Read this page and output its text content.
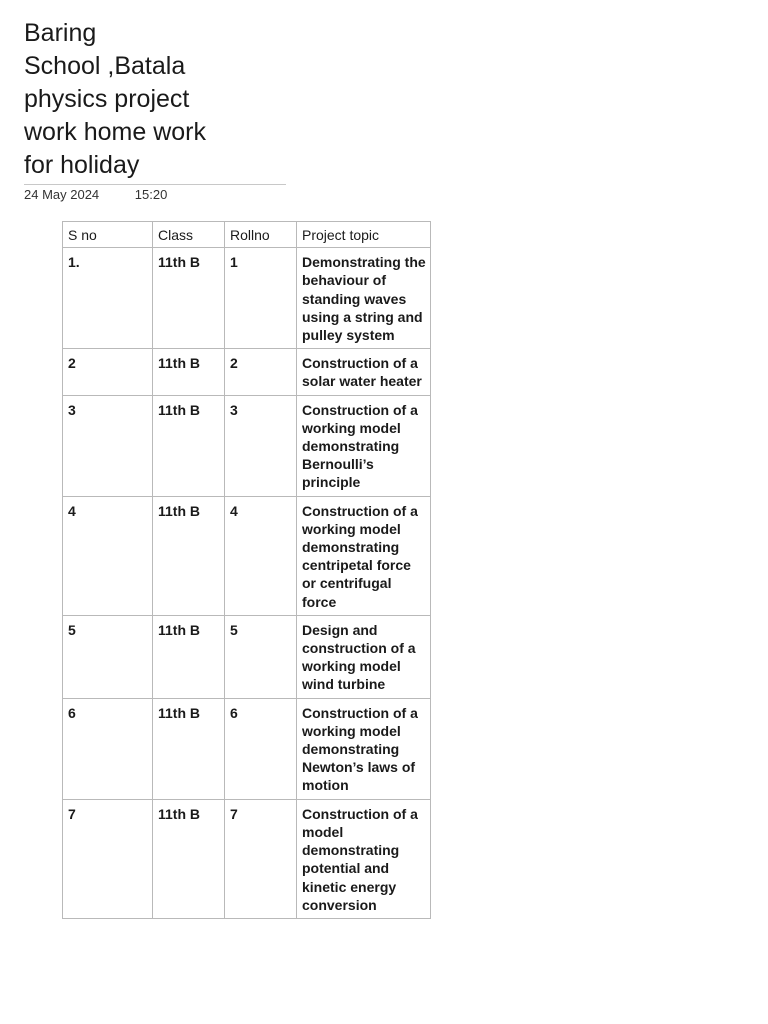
Baring
School ,Batala
physics project
work home work
for holiday
24 May 2024	15:20
S no	Class	Rollno	Project topic
1.	11th B	1	Demonstrating the behaviour of standing waves using a string and pulley system
2	11th B	2	Construction of a solar water heater
3	11th B	3	Construction of a working model demonstrating Bernoulli’s principle
4	11th B	4	Construction of a working model demonstrating centripetal force or centrifugal force
5	11th B	5	Design and construction of a working model wind turbine
6	11th B	6	Construction of a working model demonstrating Newton’s laws of motion
7	11th B	7	Construction of a model demonstrating potential and kinetic energy conversion
